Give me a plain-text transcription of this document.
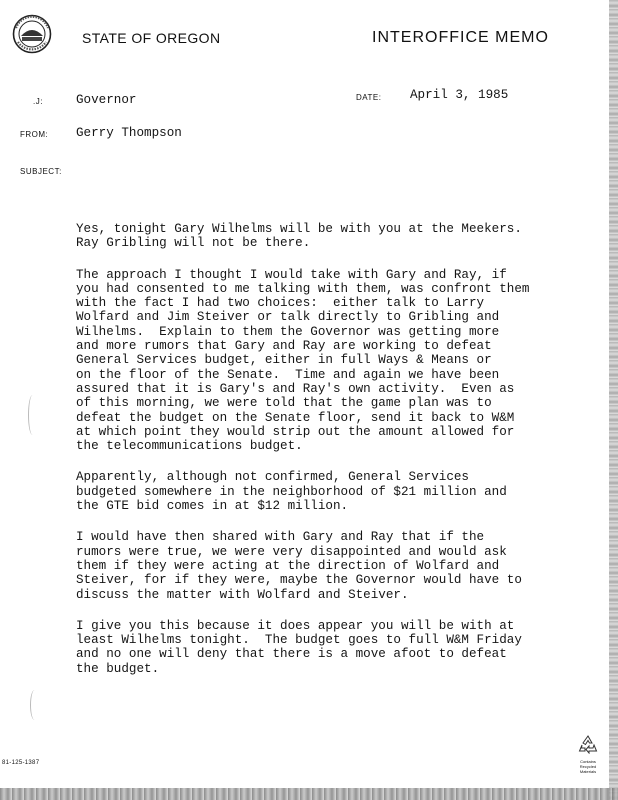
STATE OF OREGON	INTEROFFICE MEMO
.J:	Governor	DATE: April 3, 1985
FROM: Gerry Thompson
SUBJECT:
Yes, tonight Gary Wilhelms will be with you at the Meekers.
Ray Gribling will not be there.
The approach I thought I would take with Gary and Ray, if
you had consented to me talking with them, was confront them
with the fact I had two choices:  either talk to Larry
Wolfard and Jim Steiver or talk directly to Gribling and
Wilhelms.  Explain to them the Governor was getting more
and more rumors that Gary and Ray are working to defeat
General Services budget, either in full Ways & Means or
on the floor of the Senate.  Time and again we have been
assured that it is Gary's and Ray's own activity.  Even as
of this morning, we were told that the game plan was to
defeat the budget on the Senate floor, send it back to W&M
at which point they would strip out the amount allowed for
the telecommunications budget.
Apparently, although not confirmed, General Services
budgeted somewhere in the neighborhood of $21 million and
the GTE bid comes in at $12 million.
I would have then shared with Gary and Ray that if the
rumors were true, we were very disappointed and would ask
them if they were acting at the direction of Wolfard and
Steiver, for if they were, maybe the Governor would have to
discuss the matter with Wolfard and Steiver.
I give you this because it does appear you will be with at
least Wilhelms tonight.  The budget goes to full W&M Friday
and no one will deny that there is a move afoot to defeat
the budget.
81-125-1387	Contains
Recycled
Materials
